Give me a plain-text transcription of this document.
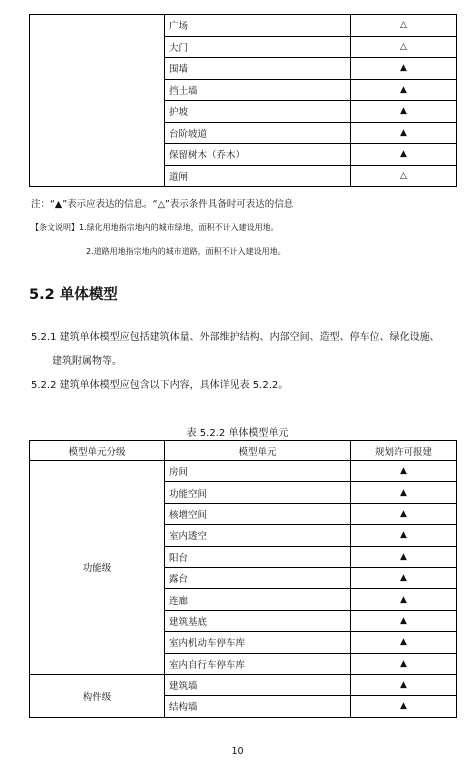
	广场	△
	大门	△
	围墙	▲
	挡土墙	▲
	护坡	▲
	台阶坡道	▲
	保留树木（乔木）	▲
	道闸	△
注：“▲”表示应表达的信息。“△”表示条件具备时可表达的信息
【条文说明】1.绿化用地指宗地内的城市绿地，面积不计入建设用地。
2.道路用地指宗地内的城市道路，面积不计入建设用地。
5.2 单体模型
5.2.1 建筑单体模型应包括建筑体量、外部维护结构、内部空间、造型、停车位、绿化设施、
建筑附属物等。
5.2.2 建筑单体模型应包含以下内容，具体详见表 5.2.2。
表 5.2.2 单体模型单元
模型单元分级	模型单元	规划许可报建
功能级	房间	▲
	功能空间	▲
	核增空间	▲
	室内透空	▲
	阳台	▲
	露台	▲
	连廊	▲
	建筑基底	▲
	室内机动车停车库	▲
	室内自行车停车库	▲
构件级	建筑墙	▲
	结构墙	▲
10
